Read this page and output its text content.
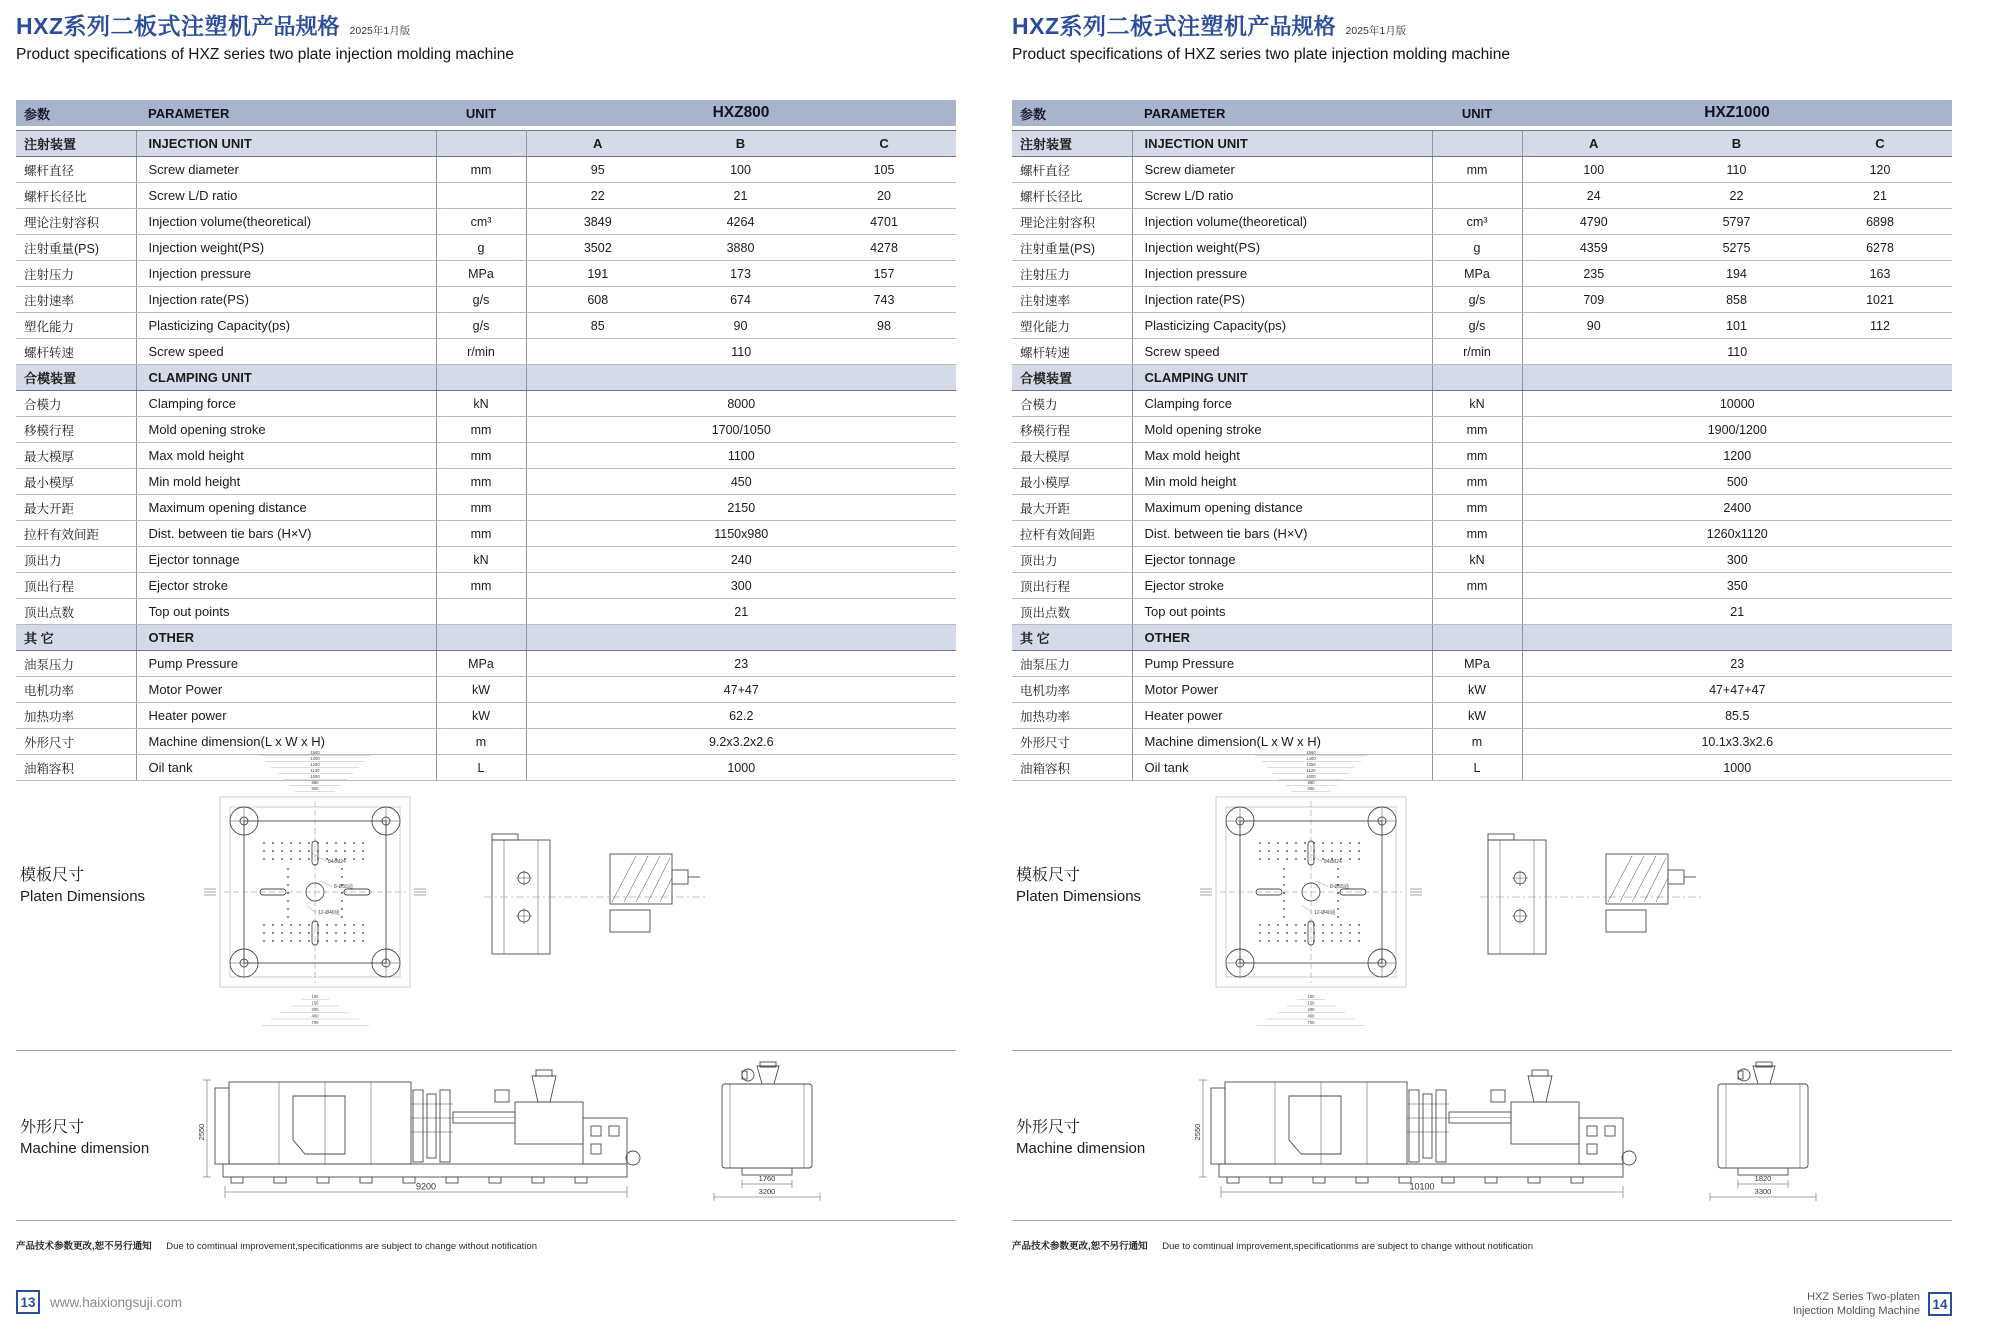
HXZ系列二板式注塑机产品规格 2025年1月版
Product specifications of HXZ series two plate injection molding machine
参数	PARAMETER	UNIT	HXZ800		

注射装置	INJECTION UNIT		A	B	C
螺杆直径	Screw diameter	mm	95	100	105
螺杆长径比	Screw L/D ratio		22	21	20
理论注射容积	Injection volume(theoretical)	cm³	3849	4264	4701
注射重量(PS)	Injection weight(PS)	g	3502	3880	4278
注射压力	Injection pressure	MPa	191	173	157
注射速率	Injection rate(PS)	g/s	608	674	743
塑化能力	Plasticizing Capacity(ps)	g/s	85	90	98
螺杆转速	Screw speed	r/min	110		
合模装置	CLAMPING UNIT				
合模力	Clamping force	kN	8000		
移模行程	Mold opening stroke	mm	1700/1050		
最大模厚	Max mold height	mm	1100		
最小模厚	Min mold height	mm	450		
最大开距	Maximum opening distance	mm	2150		
拉杆有效间距	Dist. between tie bars (H×V)	mm	1150x980		
顶出力	Ejector tonnage	kN	240		
顶出行程	Ejector stroke	mm	300		
顶出点数	Top out points		21		
其 它	OTHER				
油泵压力	Pump Pressure	MPa	23		
电机功率	Motor Power	kW	47+47		
加热功率	Heater power	kW	62.2		
外形尺寸	Machine dimension(L x W x H)	m	9.2x3.2x2.6		
油箱容积	Oil tank	L	1000		
模板尺寸
Platen Dimensions
1540
1400
1250
1120
1000
880
800
100
150
200
400
700
84xM24
8-Ø55通
12-Ø40通
外形尺寸
Machine dimension
2550
9200
1760
3200
产品技术参数更改,恕不另行通知 Due to comtinual improvement,specificationms are subject to change without notification
13	www.haixiongsuji.com
HXZ系列二板式注塑机产品规格 2025年1月版
Product specifications of HXZ series two plate injection molding machine
参数	PARAMETER	UNIT	HXZ1000		

注射装置	INJECTION UNIT		A	B	C
螺杆直径	Screw diameter	mm	100	110	120
螺杆长径比	Screw L/D ratio		24	22	21
理论注射容积	Injection volume(theoretical)	cm³	4790	5797	6898
注射重量(PS)	Injection weight(PS)	g	4359	5275	6278
注射压力	Injection pressure	MPa	235	194	163
注射速率	Injection rate(PS)	g/s	709	858	1021
塑化能力	Plasticizing Capacity(ps)	g/s	90	101	112
螺杆转速	Screw speed	r/min	110		
合模装置	CLAMPING UNIT				
合模力	Clamping force	kN	10000		
移模行程	Mold opening stroke	mm	1900/1200		
最大模厚	Max mold height	mm	1200		
最小模厚	Min mold height	mm	500		
最大开距	Maximum opening distance	mm	2400		
拉杆有效间距	Dist. between tie bars (H×V)	mm	1260x1120		
顶出力	Ejector tonnage	kN	300		
顶出行程	Ejector stroke	mm	350		
顶出点数	Top out points		21		
其 它	OTHER				
油泵压力	Pump Pressure	MPa	23		
电机功率	Motor Power	kW	47+47+47		
加热功率	Heater power	kW	85.5		
外形尺寸	Machine dimension(L x W x H)	m	10.1x3.3x2.6		
油箱容积	Oil tank	L	1000		
模板尺寸
Platen Dimensions
1560
1400
1250
1120
1000
880
800
100
150
200
400
700
84xM24
8-Ø55通
12-Ø40通
外形尺寸
Machine dimension
2550
10100
1820
3300
产品技术参数更改,恕不另行通知 Due to comtinual improvement,specificationms are subject to change without notification
HXZ Series Two-platen
Injection Molding Machine 14
